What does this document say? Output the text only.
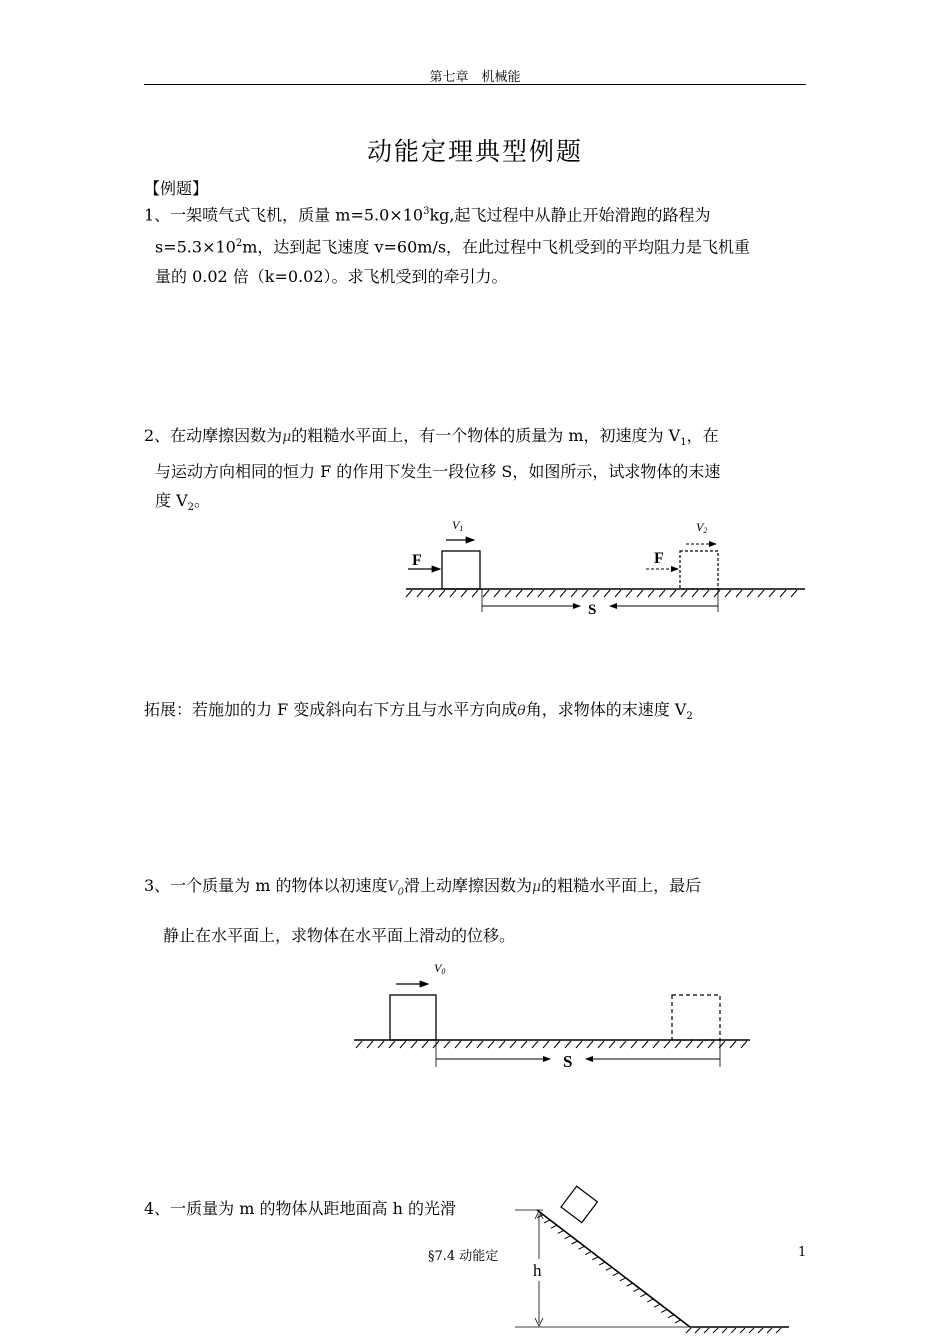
第七章　机械能
动能定理典型例题
【例题】
1、一架喷气式飞机，质量 $m=5.0\times 10^3kg$,起飞过程中从静止开始滑跑的路程为
$s=5.3\times 10^2m$，达到起飞速度 v=60m/s，在此过程中飞机受到的平均阻力是飞机重
量的 0.02 倍（k=0.02）。求飞机受到的牵引力。
2、在动摩擦因数为μ的粗糙水平面上，有一个物体的质量为 m，初速度为 $V_1$，在
与运动方向相同的恒力 F 的作用下发生一段位移 S，如图所示，试求物体的末速
度 $V_2$。
F	F
V1	V2
S
拓展：若施加的力 F 变成斜向右下方且与水平方向成θ角，求物体的末速度 $V_2$
3、一个质量为 m 的物体以初速度$V_0$滑上动摩擦因数为μ的粗糙水平面上，最后
静止在水平面上，求物体在水平面上滑动的位移。
V0
S
4、一质量为 m 的物体从距地面高 h 的光滑
h
§7.4 动能定	1
